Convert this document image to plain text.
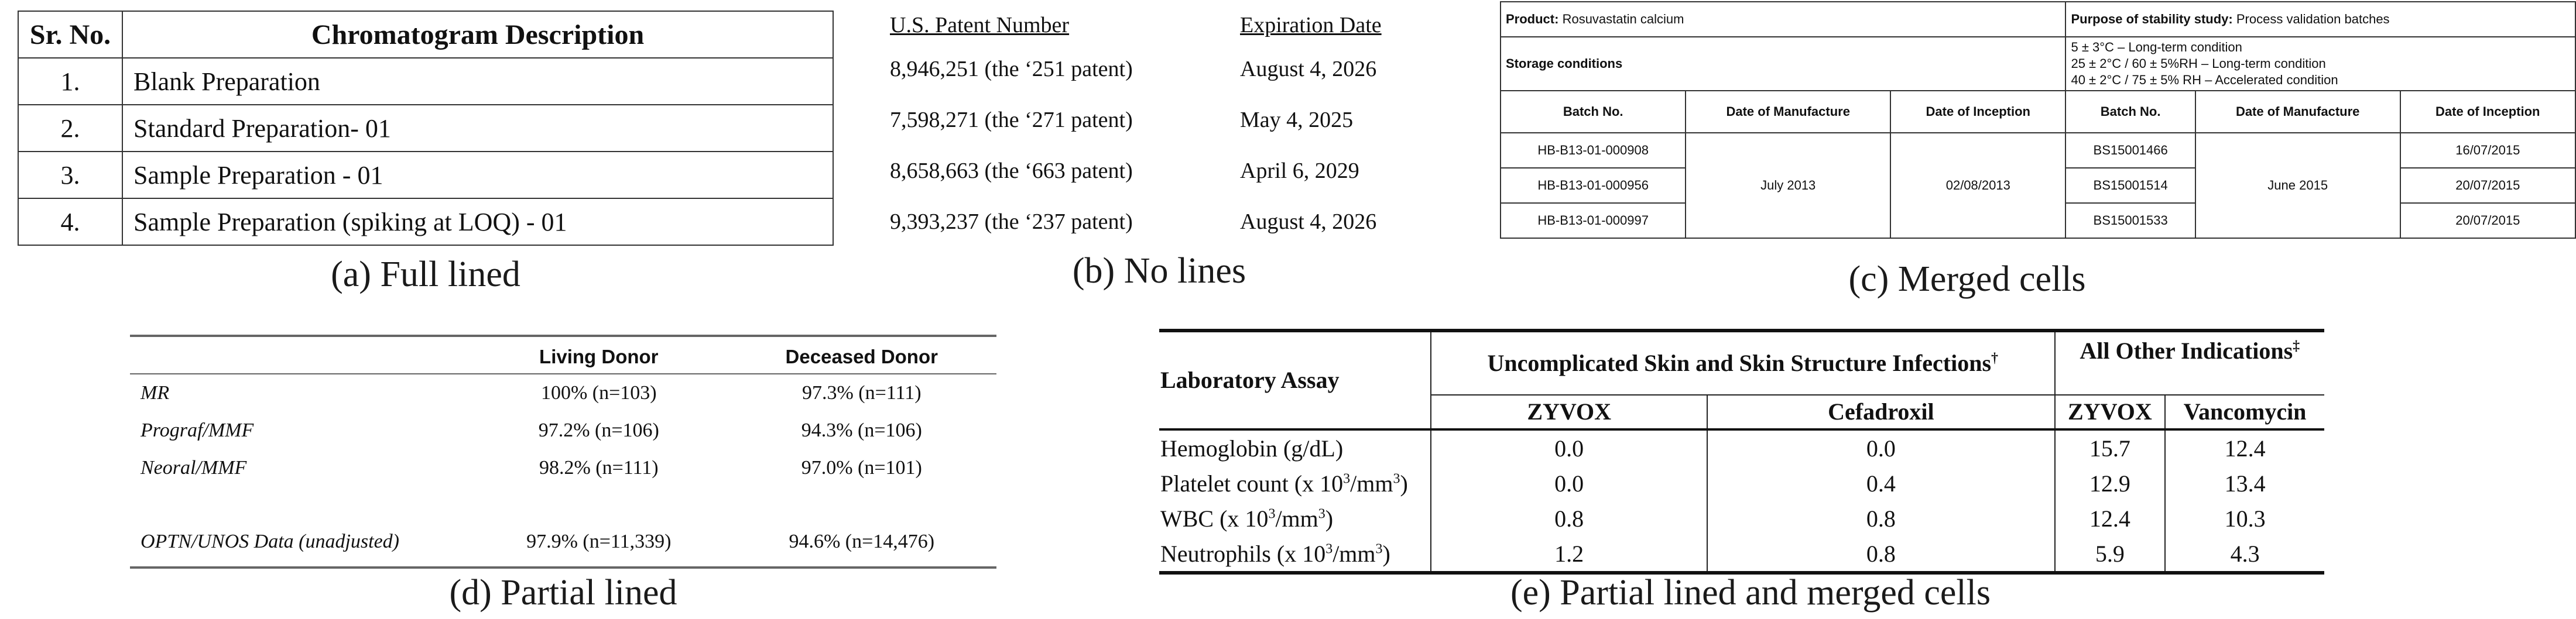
Sr. No.	Chromatogram Description
1.	Blank Preparation
2.	Standard Preparation- 01
3.	Sample Preparation - 01
4.	Sample Preparation (spiking at LOQ) - 01
(a) Full lined
U.S. Patent Number	Expiration Date
8,946,251 (the ‘251 patent)	August 4, 2026
7,598,271 (the ‘271 patent)	May 4, 2025
8,658,663 (the ‘663 patent)	April 6, 2029
9,393,237 (the ‘237 patent)	August 4, 2026
(b) No lines
Product: Rosuvastatin calcium			Purpose of stability study: Process validation batches		
Storage conditions			5 ± 3°C – Long-term condition
25 ± 2°C / 60 ± 5%RH – Long-term condition
40 ± 2°C / 75 ± 5% RH – Accelerated condition		

Batch No.	Date of Manufacture	Date of Inception	Batch No.	Date of Manufacture	Date of Inception
HB-B13-01-000908	July 2013	02/08/2013	BS15001466	June 2015	16/07/2015
HB-B13-01-000956			BS15001514		20/07/2015
HB-B13-01-000997			BS15001533		20/07/2015
(c) Merged cells
	Living Donor	Deceased Donor
MR	100% (n=103)	97.3% (n=111)
Prograf/MMF	97.2% (n=106)	94.3% (n=106)
Neoral/MMF	98.2% (n=111)	97.0% (n=101)

OPTN/UNOS Data (unadjusted)	97.9% (n=11,339)	94.6% (n=14,476)
(d) Partial lined
Laboratory Assay	Uncomplicated Skin and Skin Structure Infections†		All Other Indications‡
	ZYVOX	Cefadroxil	ZYVOX	Vancomycin
Hemoglobin (g/dL)	0.0	0.0	15.7	12.4
Platelet count (x $10^3/mm^3$)	0.0	0.4	12.9	13.4
WBC (x $10^3/mm^3$)	0.8	0.8	12.4	10.3
Neutrophils (x $10^3/mm^3$)	1.2	0.8	5.9	4.3
(e) Partial lined and merged cells
